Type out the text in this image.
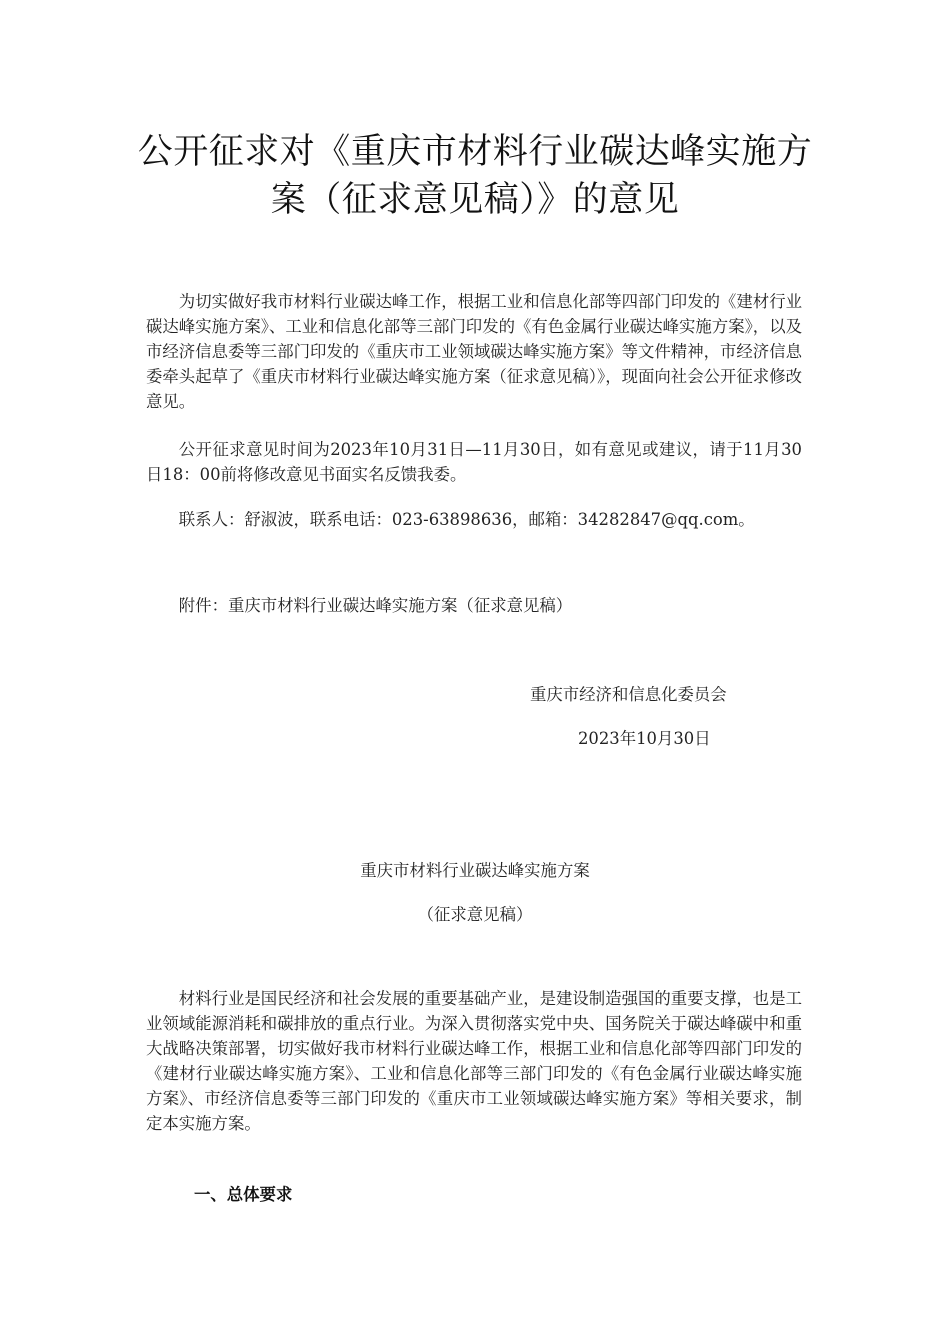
公开征求对《重庆市材料行业碳达峰实施方
案（征求意见稿）》的意见

为切实做好我市材料行业碳达峰工作，根据工业和信息化部等四部门印发的《建材行业碳达峰实施方案》、工业和信息化部等三部门印发的《有色金属行业碳达峰实施方案》，以及市经济信息委等三部门印发的《重庆市工业领域碳达峰实施方案》等文件精神，市经济信息委牵头起草了《重庆市材料行业碳达峰实施方案（征求意见稿）》，现面向社会公开征求修改意见。

公开征求意见时间为2023年10月31日—11月30日，如有意见或建议，请于11月30日18：00前将修改意见书面实名反馈我委。

联系人：舒淑波，联系电话：023-63898636，邮箱：34282847@qq.com。

附件：重庆市材料行业碳达峰实施方案（征求意见稿）

重庆市经济和信息化委员会
2023年10月30日
重庆市材料行业碳达峰实施方案
（征求意见稿）

材料行业是国民经济和社会发展的重要基础产业，是建设制造强国的重要支撑，也是工业领域能源消耗和碳排放的重点行业。为深入贯彻落实党中央、国务院关于碳达峰碳中和重大战略决策部署，切实做好我市材料行业碳达峰工作，根据工业和信息化部等四部门印发的《建材行业碳达峰实施方案》、工业和信息化部等三部门印发的《有色金属行业碳达峰实施方案》、市经济信息委等三部门印发的《重庆市工业领域碳达峰实施方案》等相关要求，制定本实施方案。

一、总体要求
